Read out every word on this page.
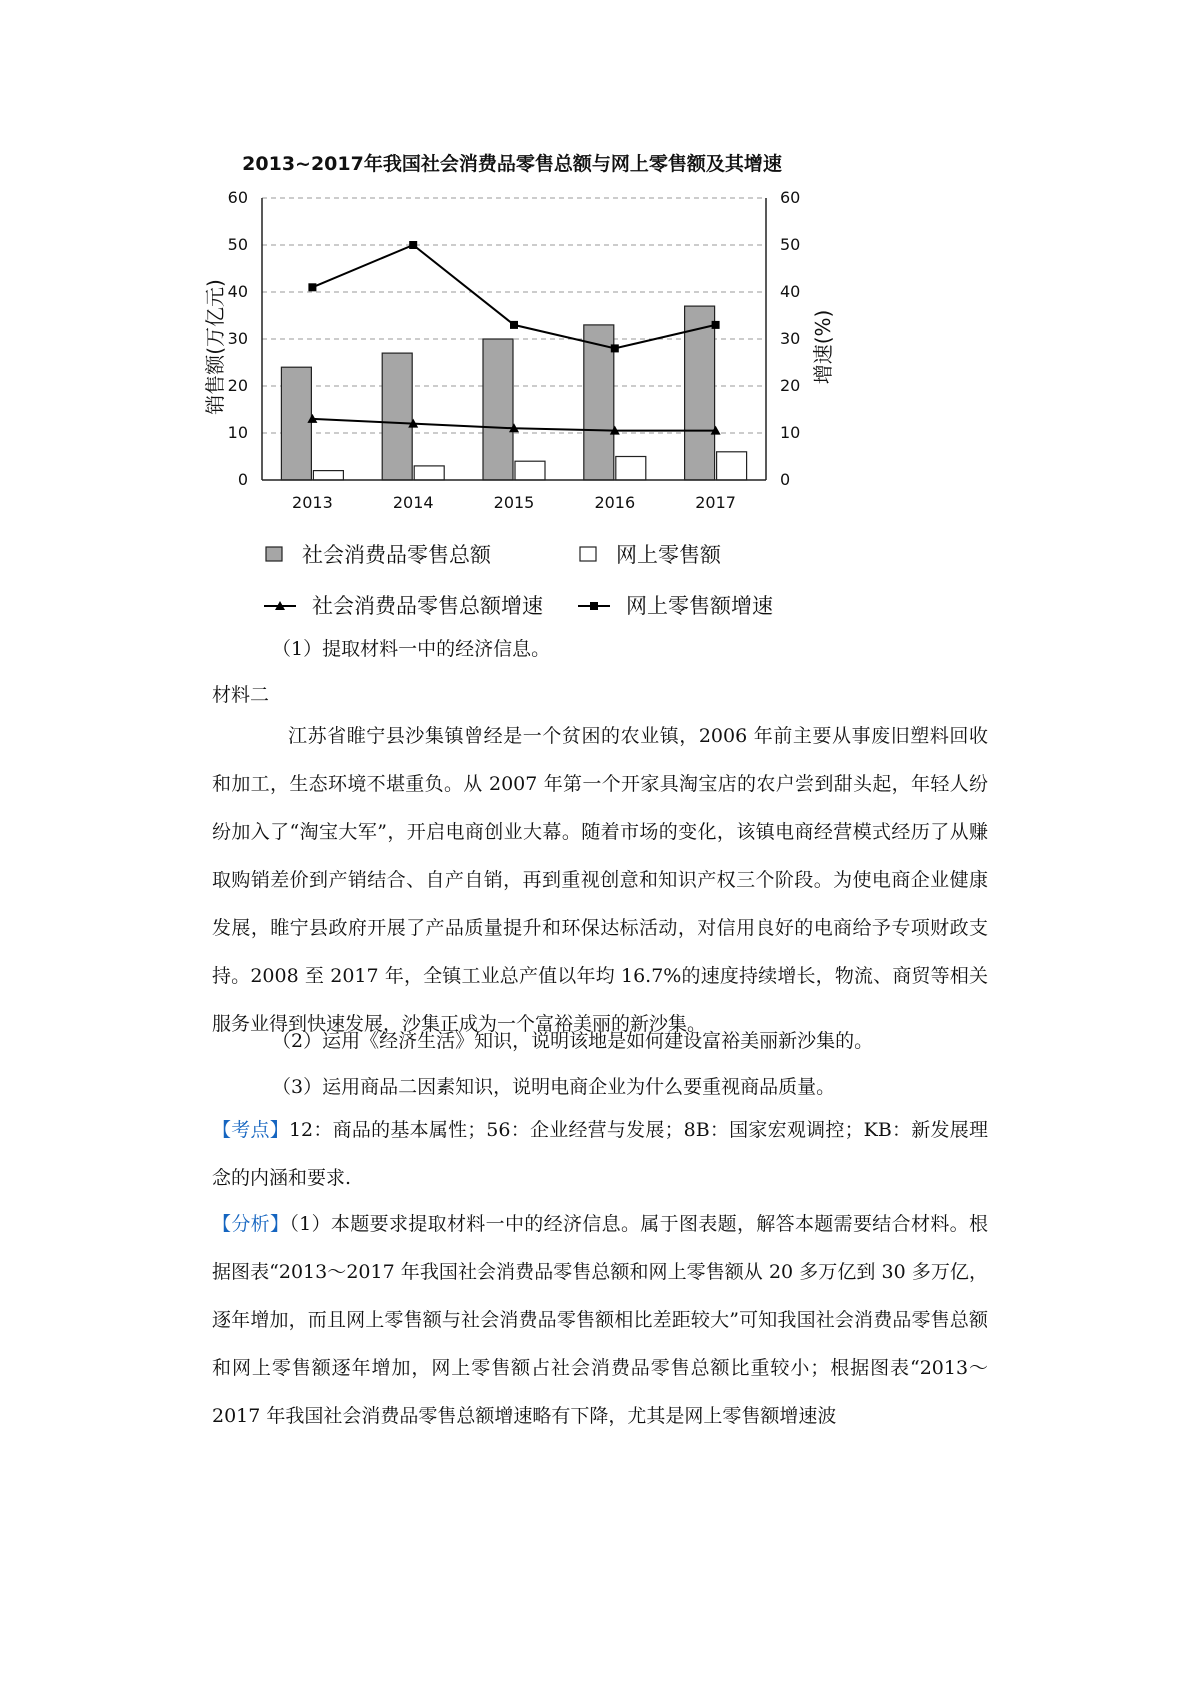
2013~2017年我国社会消费品零售总额与网上零售额及其增速
0	0
10	10
20	20
30	30
40	40
50	50
60	60
2013	2014	2015	2016	2017
销售额(万亿元)	增速(%)
社会消费品零售总额	网上零售额
社会消费品零售总额增速	网上零售额增速
（1）提取材料一中的经济信息。
材料二
江苏省睢宁县沙集镇曾经是一个贫困的农业镇，2006 年前主要从事废旧塑料回收和加工，生态环境不堪重负。从 2007 年第一个开家具淘宝店的农户尝到甜头起，年轻人纷纷加入了“淘宝大军”，开启电商创业大幕。随着市场的变化，该镇电商经营模式经历了从赚取购销差价到产销结合、自产自销，再到重视创意和知识产权三个阶段。为使电商企业健康发展，睢宁县政府开展了产品质量提升和环保达标活动，对信用良好的电商给予专项财政支持。2008 至 2017 年，全镇工业总产值以年均 16.7%的速度持续增长，物流、商贸等相关服务业得到快速发展，沙集正成为一个富裕美丽的新沙集。
（2）运用《经济生活》知识，说明该地是如何建设富裕美丽新沙集的。
（3）运用商品二因素知识，说明电商企业为什么要重视商品质量。
【考点】12：商品的基本属性；56：企业经营与发展；8B：国家宏观调控；KB：新发展理念的内涵和要求.
【分析】（1）本题要求提取材料一中的经济信息。属于图表题，解答本题需要结合材料。根据图表“2013～2017 年我国社会消费品零售总额和网上零售额从 20 多万亿到 30 多万亿，逐年增加，而且网上零售额与社会消费品零售额相比差距较大”可知我国社会消费品零售总额和网上零售额逐年增加，网上零售额占社会消费品零售总额比重较小；根据图表“2013～2017 年我国社会消费品零售总额增速略有下降，尤其是网上零售额增速波
